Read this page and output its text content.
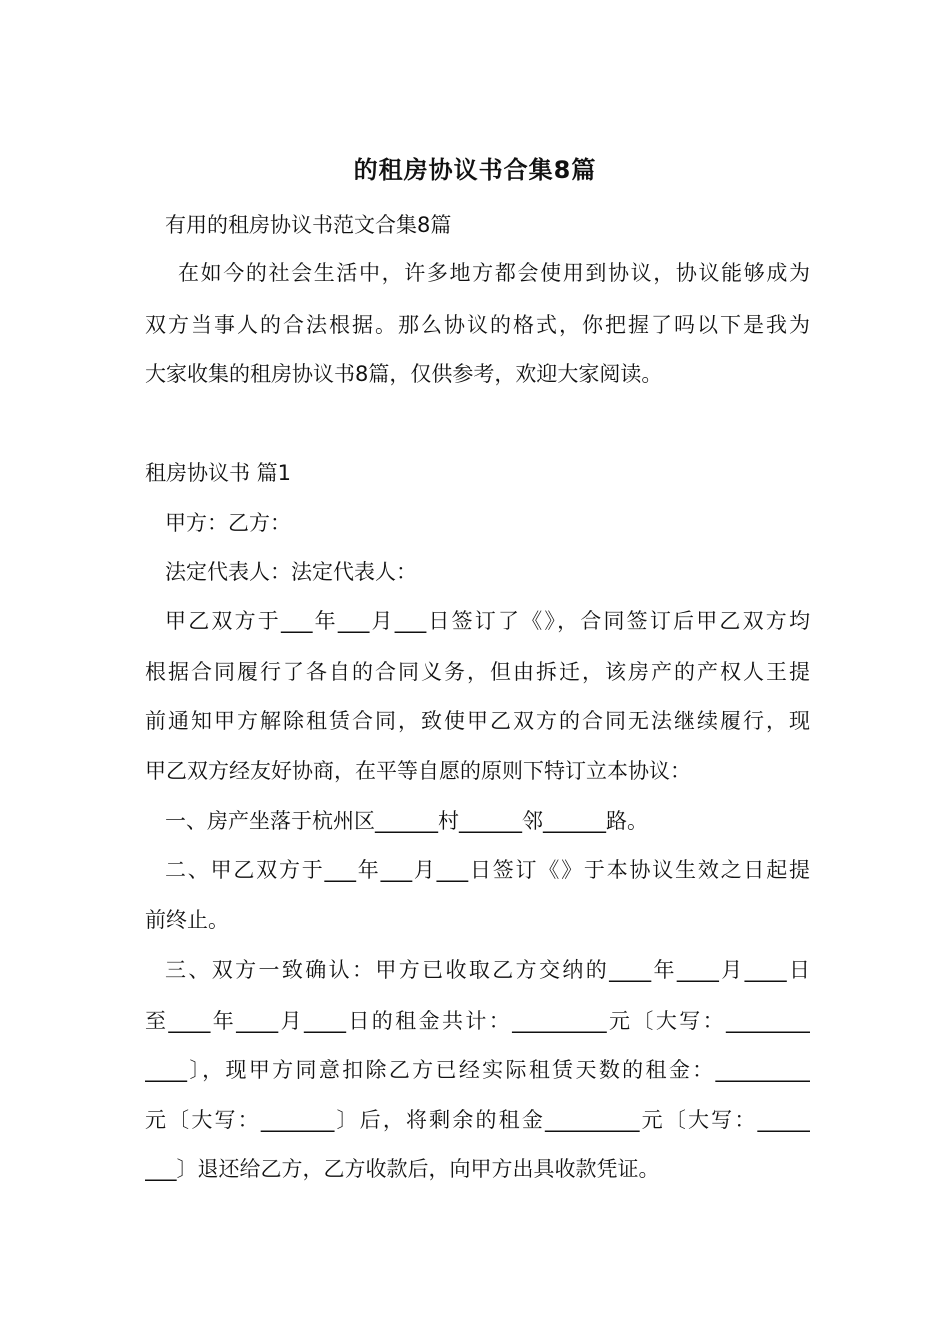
的租房协议书合集8篇
有用的租房协议书范文合集8篇
在如今的社会生活中，许多地方都会使用到协议，协议能够成为
双方当事人的合法根据。那么协议的格式，你把握了吗以下是我为
大家收集的租房协议书8篇，仅供参考，欢迎大家阅读。
租房协议书 篇1
甲方：乙方：
法定代表人：法定代表人：
甲乙双方于___年___月___日签订了《》，合同签订后甲乙双方均
根据合同履行了各自的合同义务，但由拆迁，该房产的产权人王提
前通知甲方解除租赁合同，致使甲乙双方的合同无法继续履行，现
甲乙双方经友好协商，在平等自愿的原则下特订立本协议：
一、房产坐落于杭州区______村______邻______路。
二、甲乙双方于___年___月___日签订《》于本协议生效之日起提
前终止。
三、双方一致确认：甲方已收取乙方交纳的____年____月____日
至____年____月____日的租金共计：_________元〔大写：________
____〕，现甲方同意扣除乙方已经实际租赁天数的租金：_________
元〔大写：_______〕后，将剩余的租金_________元〔大写：_____
___〕退还给乙方，乙方收款后，向甲方出具收款凭证。
